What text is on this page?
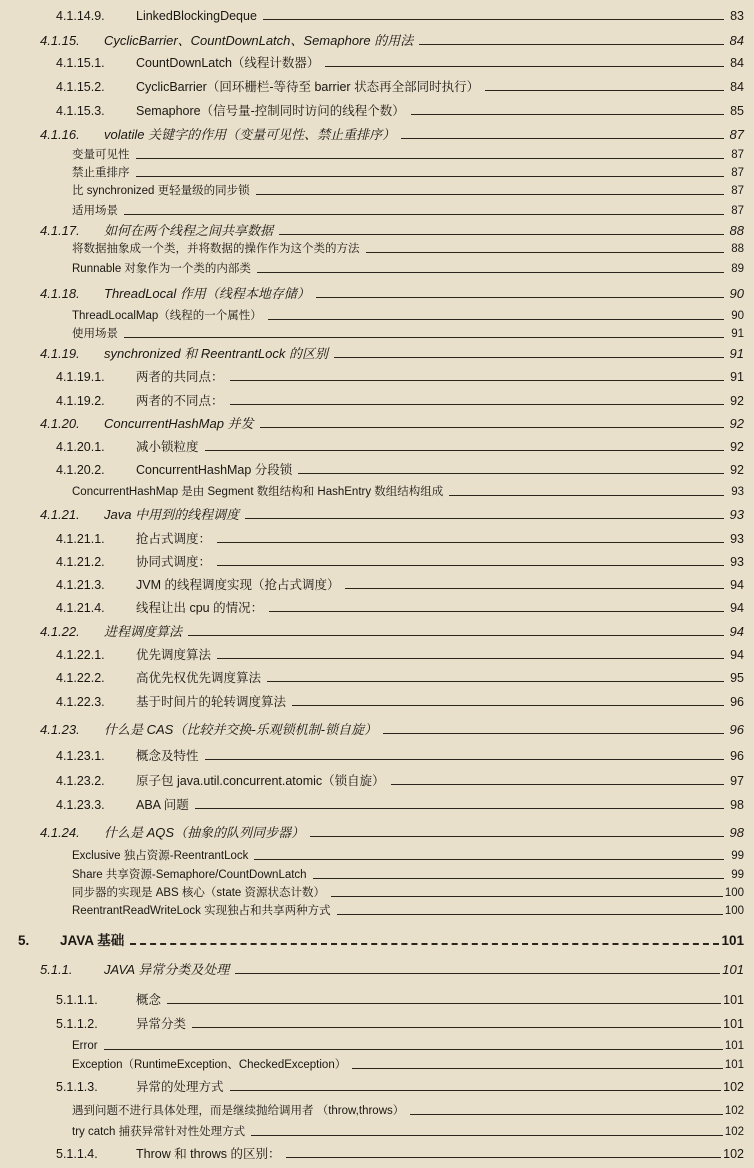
4.1.14.9.	LinkedBlockingDeque	83
4.1.15.	CyclicBarrier、CountDownLatch、Semaphore 的用法	84
4.1.15.1.	CountDownLatch（线程计数器）	84
4.1.15.2.	CyclicBarrier（回环栅栏-等待至 barrier 状态再全部同时执行）	84
4.1.15.3.	Semaphore（信号量-控制同时访问的线程个数）	85
4.1.16.	volatile 关键字的作用（变量可见性、禁止重排序）	87
变量可见性	87
禁止重排序	87
比 synchronized 更轻量级的同步锁	87
适用场景	87
4.1.17.	如何在两个线程之间共享数据	88
将数据抽象成一个类，并将数据的操作作为这个类的方法	88
Runnable 对象作为一个类的内部类	89
4.1.18.	ThreadLocal 作用（线程本地存储）	90
ThreadLocalMap（线程的一个属性）	90
使用场景	91
4.1.19.	synchronized 和 ReentrantLock 的区别	91
4.1.19.1.	两者的共同点：	91
4.1.19.2.	两者的不同点：	92
4.1.20.	ConcurrentHashMap 并发	92
4.1.20.1.	减小锁粒度	92
4.1.20.2.	ConcurrentHashMap 分段锁	92
ConcurrentHashMap 是由 Segment 数组结构和 HashEntry 数组结构组成	93
4.1.21.	Java 中用到的线程调度	93
4.1.21.1.	抢占式调度：	93
4.1.21.2.	协同式调度：	93
4.1.21.3.	JVM 的线程调度实现（抢占式调度）	94
4.1.21.4.	线程让出 cpu 的情况：	94
4.1.22.	进程调度算法	94
4.1.22.1.	优先调度算法	94
4.1.22.2.	高优先权优先调度算法	95
4.1.22.3.	基于时间片的轮转调度算法	96
4.1.23.	什么是 CAS（比较并交换-乐观锁机制-锁自旋）	96
4.1.23.1.	概念及特性	96
4.1.23.2.	原子包 java.util.concurrent.atomic（锁自旋）	97
4.1.23.3.	ABA 问题	98
4.1.24.	什么是 AQS（抽象的队列同步器）	98
Exclusive 独占资源-ReentrantLock	99
Share 共享资源-Semaphore/CountDownLatch	99
同步器的实现是 ABS 核心（state 资源状态计数）	100
ReentrantReadWriteLock 实现独占和共享两种方式	100
5.	JAVA 基础	101
5.1.1.	JAVA 异常分类及处理	101
5.1.1.1.	概念	101
5.1.1.2.	异常分类	101
Error	101
Exception（RuntimeException、CheckedException）	101
5.1.1.3.	异常的处理方式	102
遇到问题不进行具体处理，而是继续抛给调用者 （throw,throws）	102
try catch 捕获异常针对性处理方式	102
5.1.1.4.	Throw 和 throws 的区别：	102
